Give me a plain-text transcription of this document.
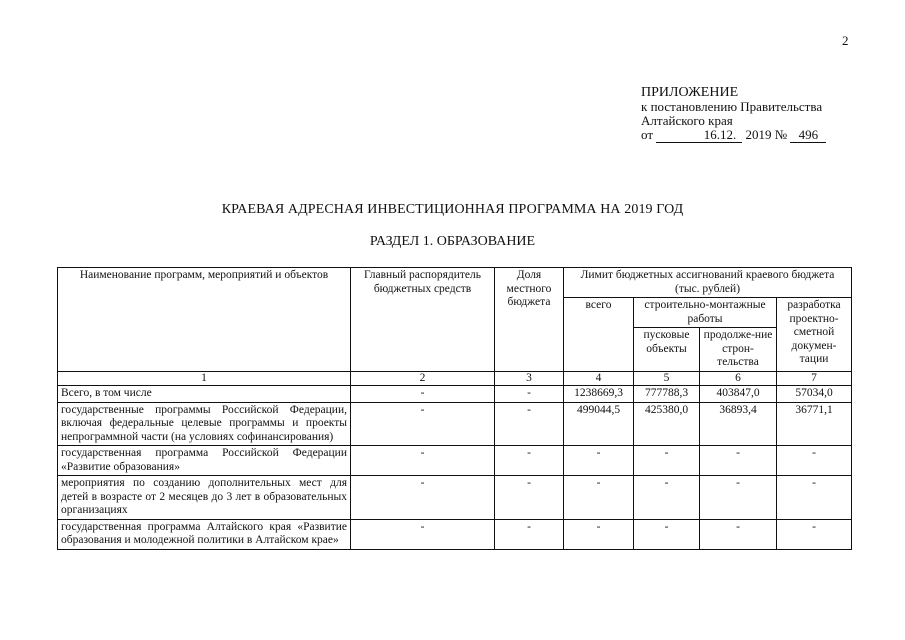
2
ПРИЛОЖЕНИЕ
к постановлению Правительства
Алтайского края
от	16.12. 2019 № 496
КРАЕВАЯ АДРЕСНАЯ ИНВЕСТИЦИОННАЯ ПРОГРАММА НА 2019 ГОД
РАЗДЕЛ 1. ОБРАЗОВАНИЕ
Наименование программ, мероприятий и объектов	Главный распорядитель бюджетных средств	Доля местного бюджета	Лимит бюджетных ассигнований краевого бюджета (тыс. рублей)			
			всего	строительно-монтажные работы		разработка проектно-сметной докумен-тации
				пусковые объекты	продолже-ние строн-тельства	
1	2	3	4	5	6	7
Всего, в том числе	-	-	1238669,3	777788,3	403847,0	57034,0
государственные программы Российской Федерации, включая федеральные целевые программы и проекты непрограммной части (на условиях софинансирования)	-	-	499044,5	425380,0	36893,4	36771,1
государственная программа Российской Федерации «Развитие образования»	-	-	-	-	-	-
мероприятия по созданию дополнительных мест для детей в возрасте от 2 месяцев до 3 лет в образовательных организациях	-	-	-	-	-	-
государственная программа Алтайского края «Развитие образования и молодежной политики в Алтайском крае»	-	-	-	-	-	-
